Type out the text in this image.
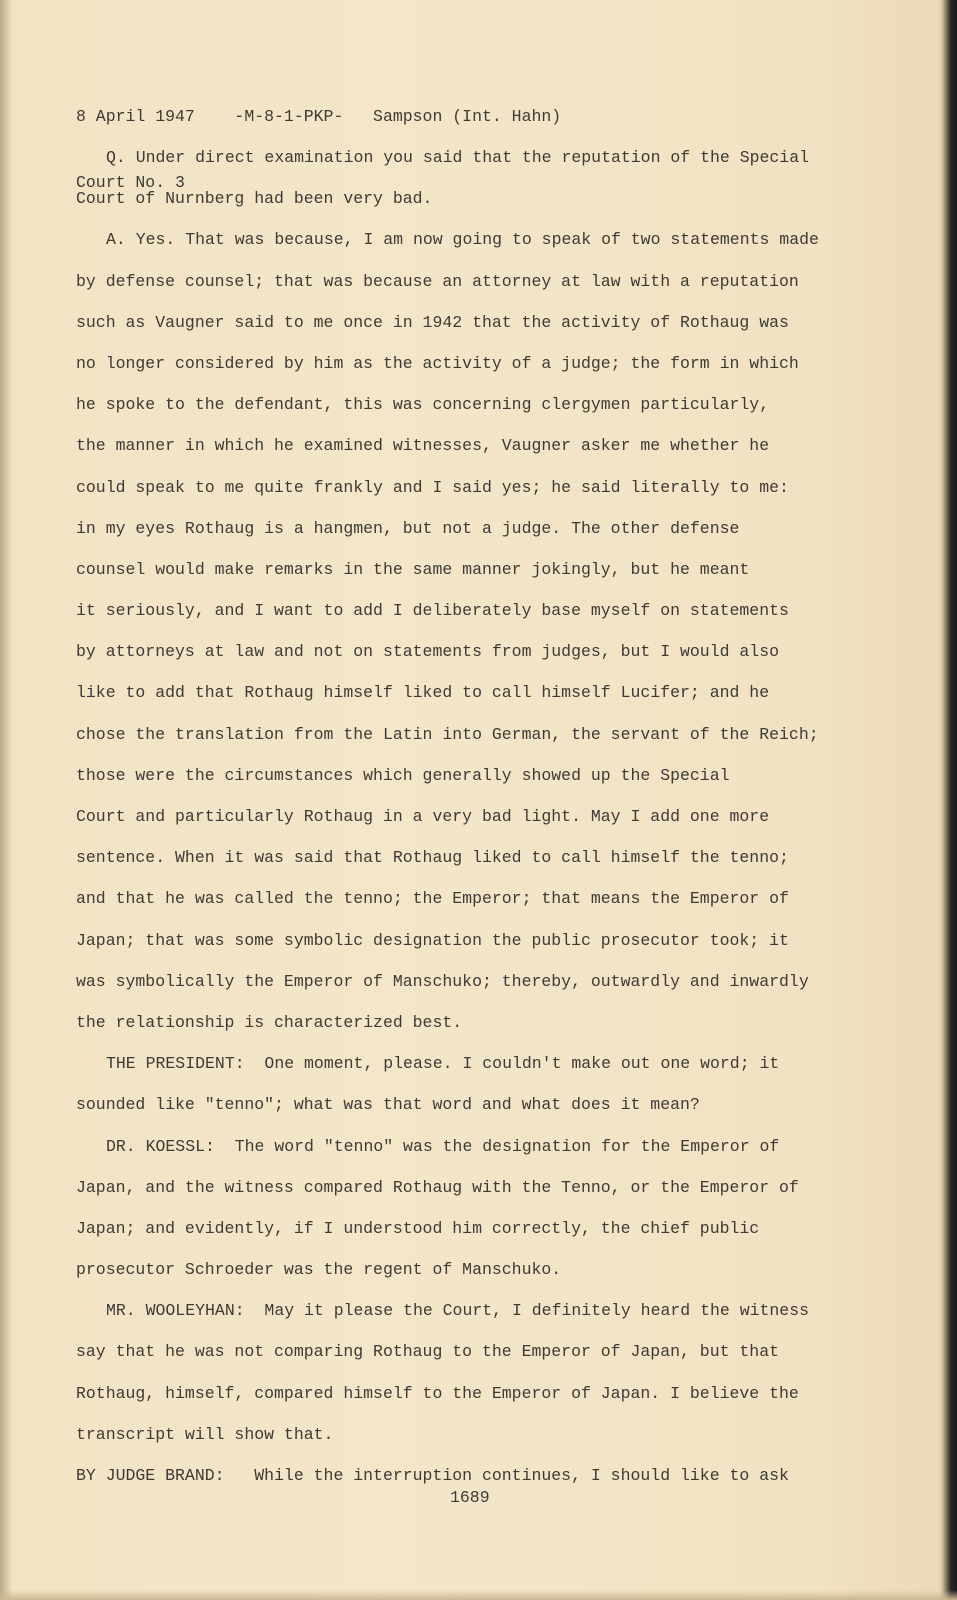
8 April 1947    -M-8-1-PKP-   Sampson (Int. Hahn)

Court No. 3

Q. Under direct examination you said that the reputation of the Special
Court of Nurnberg had been very bad.
A. Yes. That was because, I am now going to speak of two statements made
by defense counsel; that was because an attorney at law with a reputation
such as Vaugner said to me once in 1942 that the activity of Rothaug was
no longer considered by him as the activity of a judge; the form in which
he spoke to the defendant, this was concerning clergymen particularly,
the manner in which he examined witnesses, Vaugner asker me whether he
could speak to me quite frankly and I said yes; he said literally to me:
in my eyes Rothaug is a hangmen, but not a judge. The other defense
counsel would make remarks in the same manner jokingly, but he meant
it seriously, and I want to add I deliberately base myself on statements
by attorneys at law and not on statements from judges, but I would also
like to add that Rothaug himself liked to call himself Lucifer; and he
chose the translation from the Latin into German, the servant of the Reich;
those were the circumstances which generally showed up the Special
Court and particularly Rothaug in a very bad light. May I add one more
sentence. When it was said that Rothaug liked to call himself the tenno;
and that he was called the tenno; the Emperor; that means the Emperor of
Japan; that was some symbolic designation the public prosecutor took; it
was symbolically the Emperor of Manschuko; thereby, outwardly and inwardly
the relationship is characterized best.
THE PRESIDENT:  One moment, please. I couldn't make out one word; it
sounded like "tenno"; what was that word and what does it mean?
DR. KOESSL:  The word "tenno" was the designation for the Emperor of
Japan, and the witness compared Rothaug with the Tenno, or the Emperor of
Japan; and evidently, if I understood him correctly, the chief public
prosecutor Schroeder was the regent of Manschuko.
MR. WOOLEYHAN:  May it please the Court, I definitely heard the witness
say that he was not comparing Rothaug to the Emperor of Japan, but that
Rothaug, himself, compared himself to the Emperor of Japan. I believe the
transcript will show that.
BY JUDGE BRAND:   While the interruption continues, I should like to ask
1689
